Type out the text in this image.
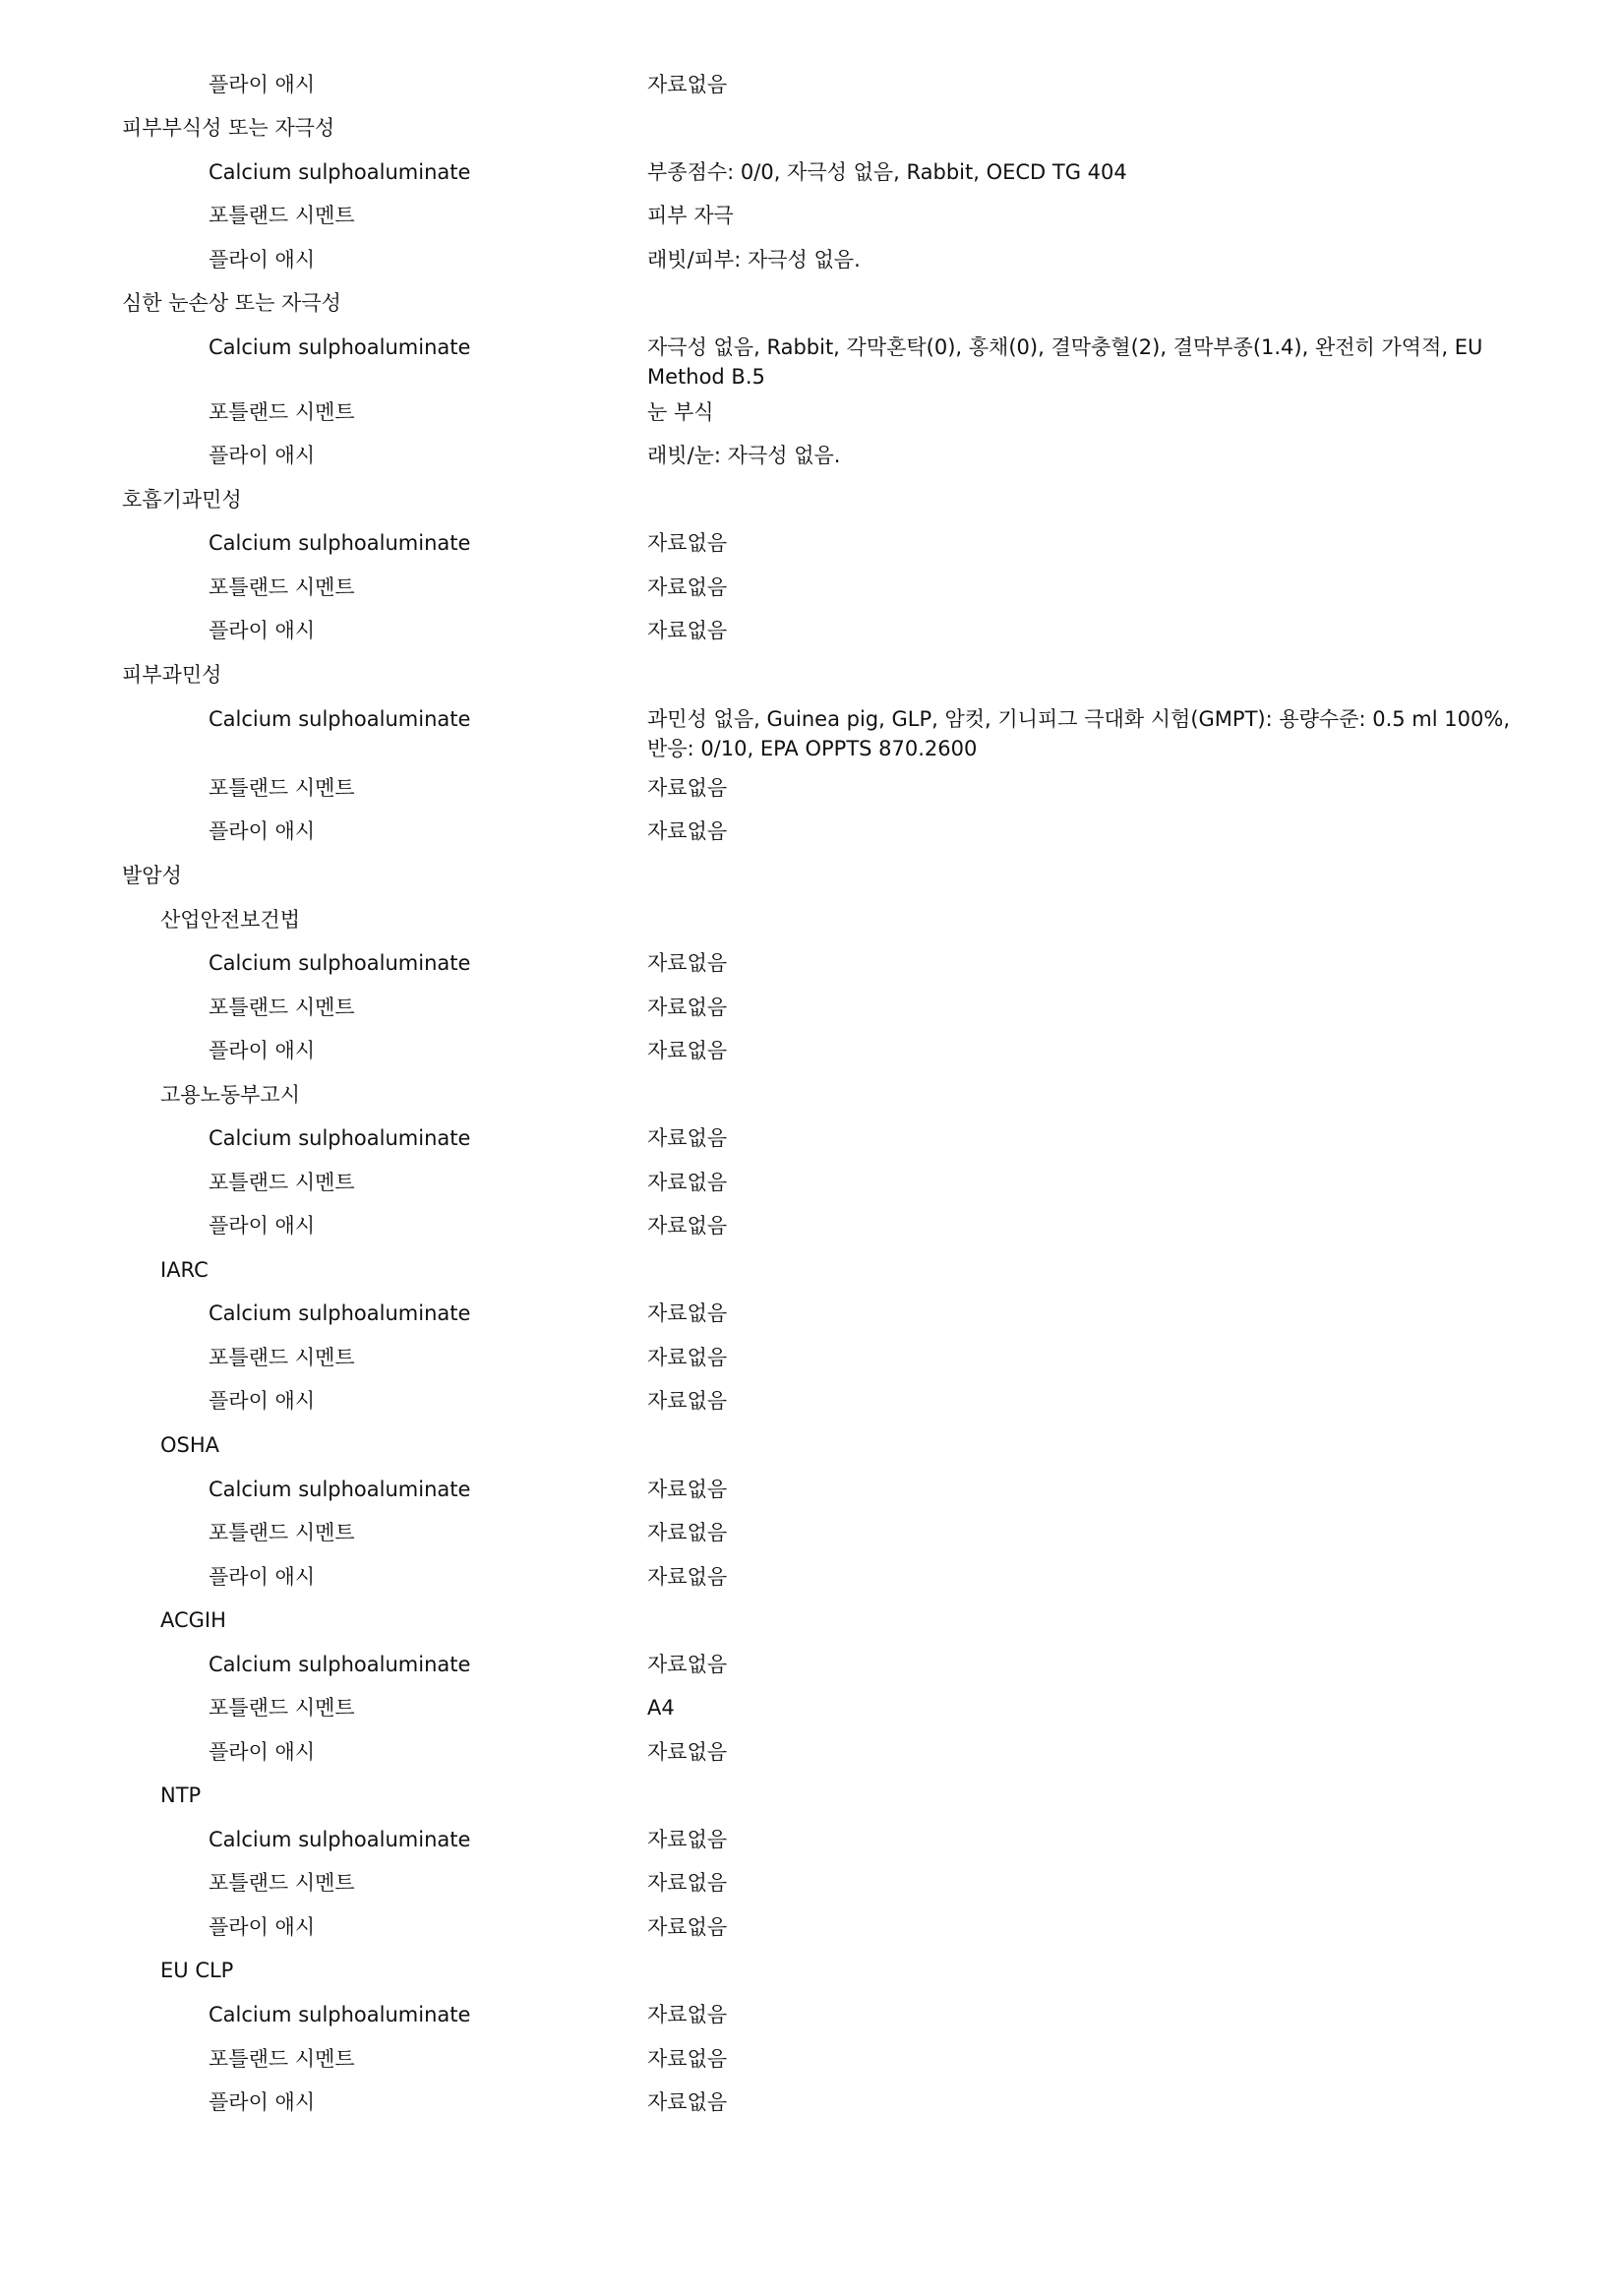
플라이 애시	자료없음
피부부식성 또는 자극성
Calcium sulphoaluminate	부종점수: 0/0, 자극성 없음, Rabbit, OECD TG 404
포틀랜드 시멘트	피부 자극
플라이 애시	래빗/피부: 자극성 없음.
심한 눈손상 또는 자극성
Calcium sulphoaluminate	자극성 없음, Rabbit, 각막혼탁(0), 홍채(0), 결막충혈(2), 결막부종(1.4), 완전히 가역적, EU Method B.5
포틀랜드 시멘트	눈 부식
플라이 애시	래빗/눈: 자극성 없음.
호흡기과민성
Calcium sulphoaluminate	자료없음
포틀랜드 시멘트	자료없음
플라이 애시	자료없음
피부과민성
Calcium sulphoaluminate	과민성 없음, Guinea pig, GLP, 암컷, 기니피그 극대화 시험(GMPT): 용량수준: 0.5 ml 100%, 반응: 0/10, EPA OPPTS 870.2600
포틀랜드 시멘트	자료없음
플라이 애시	자료없음
발암성
산업안전보건법
Calcium sulphoaluminate	자료없음
포틀랜드 시멘트	자료없음
플라이 애시	자료없음
고용노동부고시
Calcium sulphoaluminate	자료없음
포틀랜드 시멘트	자료없음
플라이 애시	자료없음
IARC
Calcium sulphoaluminate	자료없음
포틀랜드 시멘트	자료없음
플라이 애시	자료없음
OSHA
Calcium sulphoaluminate	자료없음
포틀랜드 시멘트	자료없음
플라이 애시	자료없음
ACGIH
Calcium sulphoaluminate	자료없음
포틀랜드 시멘트	A4
플라이 애시	자료없음
NTP
Calcium sulphoaluminate	자료없음
포틀랜드 시멘트	자료없음
플라이 애시	자료없음
EU CLP
Calcium sulphoaluminate	자료없음
포틀랜드 시멘트	자료없음
플라이 애시	자료없음
